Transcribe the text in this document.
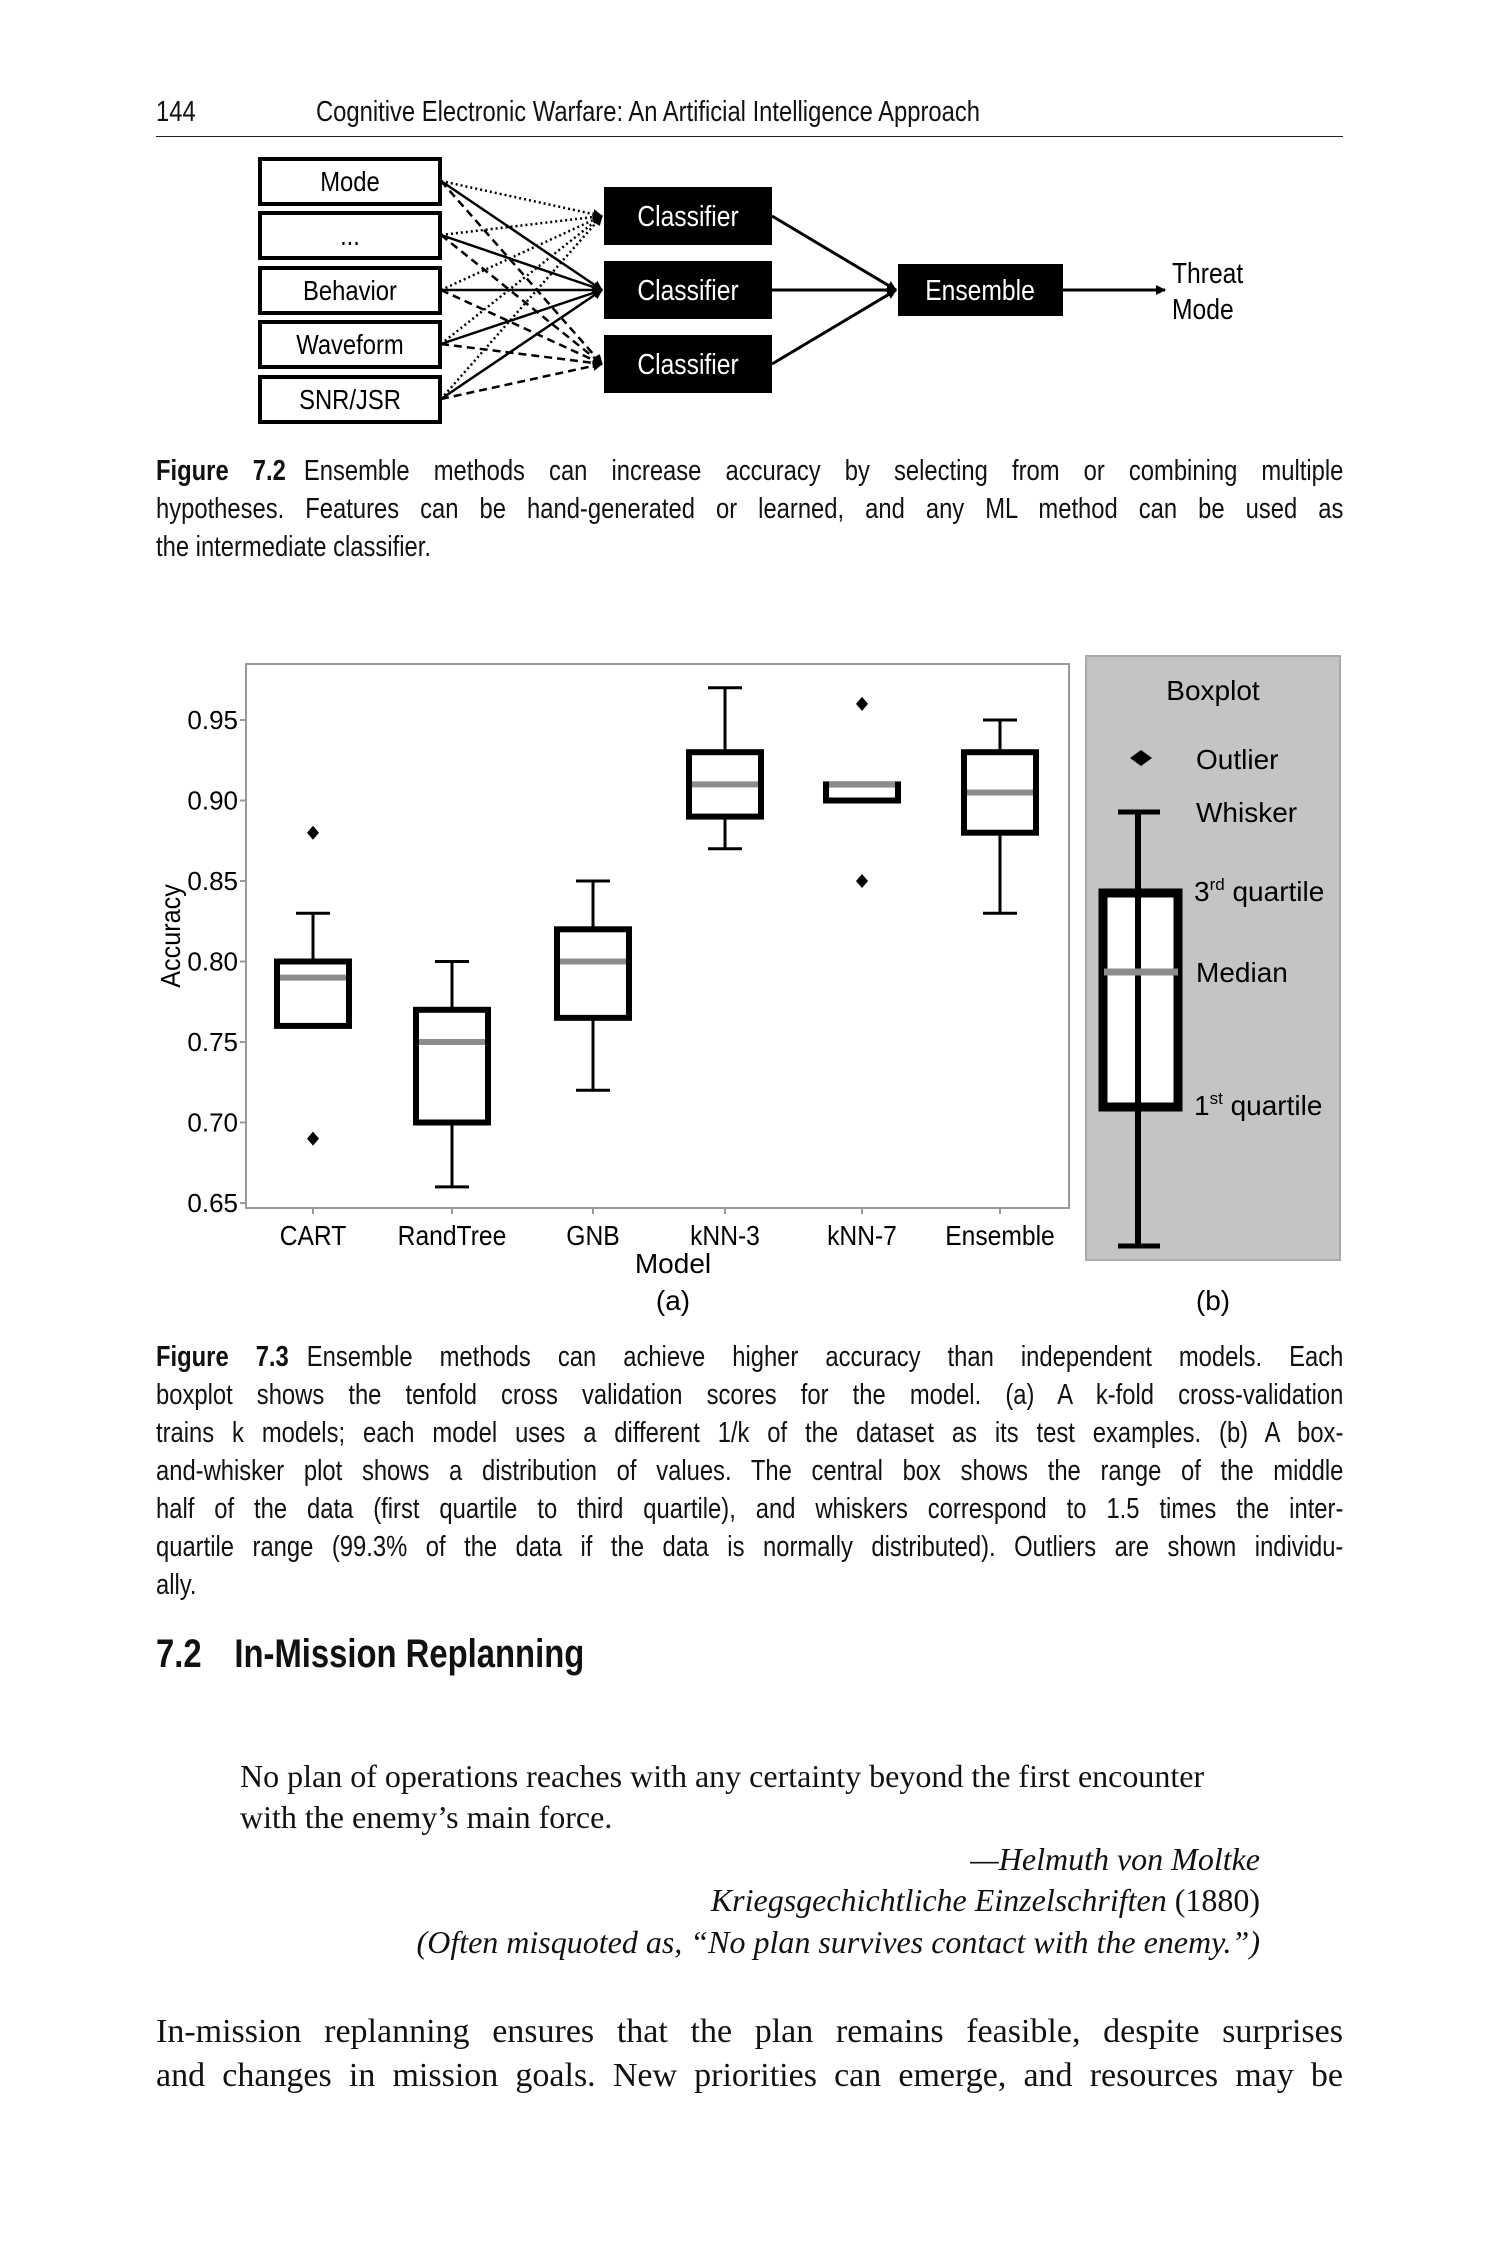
144	Cognitive Electronic Warfare: An Artificial Intelligence Approach
Mode
...
Behavior
Waveform
SNR/JSR
Classifier
Classifier
Classifier
Ensemble
Threat
Mode
Figure 7.2 Ensemble methods can increase accuracy by selecting from or combining multiple
hypotheses. Features can be hand-generated or learned, and any ML method can be used as
the intermediate classifier.
0.95
0.90
0.85
0.80
0.75
0.70
0.65
CART RandTree GNB	kNN-3 kNN-7 Ensemble
Accuracy
Model
(a)
Boxplot
Outlier
Whisker
3rd quartile
Median
1st quartile
(b)
Figure 7.3 Ensemble methods can achieve higher accuracy than independent models. Each
boxplot shows the tenfold cross validation scores for the model. (a) A k-fold cross-validation
trains k models; each model uses a different 1/k of the dataset as its test examples. (b) A box-
and-whisker plot shows a distribution of values. The central box shows the range of the middle
half of the data (first quartile to third quartile), and whiskers correspond to 1.5 times the inter-
quartile range (99.3% of the data if the data is normally distributed). Outliers are shown individu-
ally.
7.2 In-Mission Replanning
No plan of operations reaches with any certainty beyond the first encounter
with the enemy’s main force.
—Helmuth von Moltke
Kriegsgechichtliche Einzelschriften (1880)
(Often misquoted as, “No plan survives contact with the enemy.”)
In-mission replanning ensures that the plan remains feasible, despite surprises
and changes in mission goals. New priorities can emerge, and resources may be
